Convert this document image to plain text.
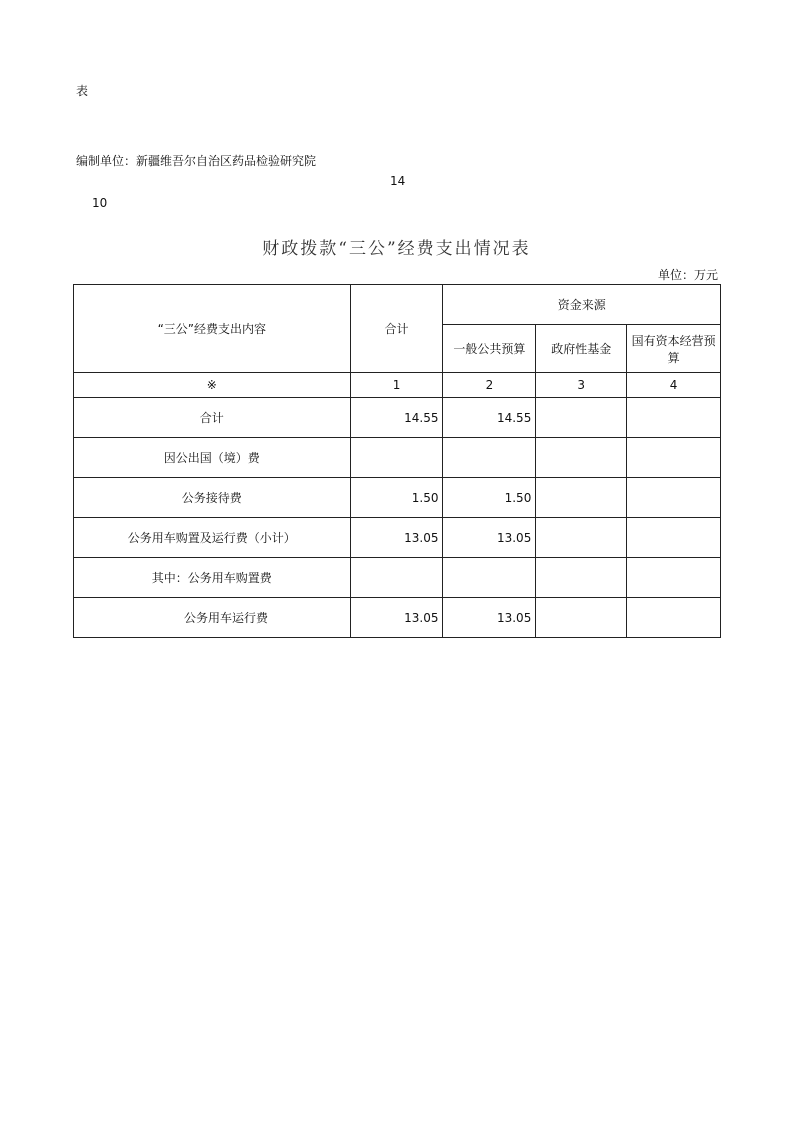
表
编制单位：新疆维吾尔自治区药品检验研究院
14
10
财政拨款“三公”经费支出情况表
单位：万元
“三公”经费支出内容	合计	资金来源		
		一般公共预算	政府性基金	国有资本经营预算
※	1	2	3	4
合计	14.55	14.55		
因公出国（境）费				
公务接待费	1.50	1.50		
公务用车购置及运行费（小计）	13.05	13.05		
其中：公务用车购置费				
公务用车运行费	13.05	13.05		
